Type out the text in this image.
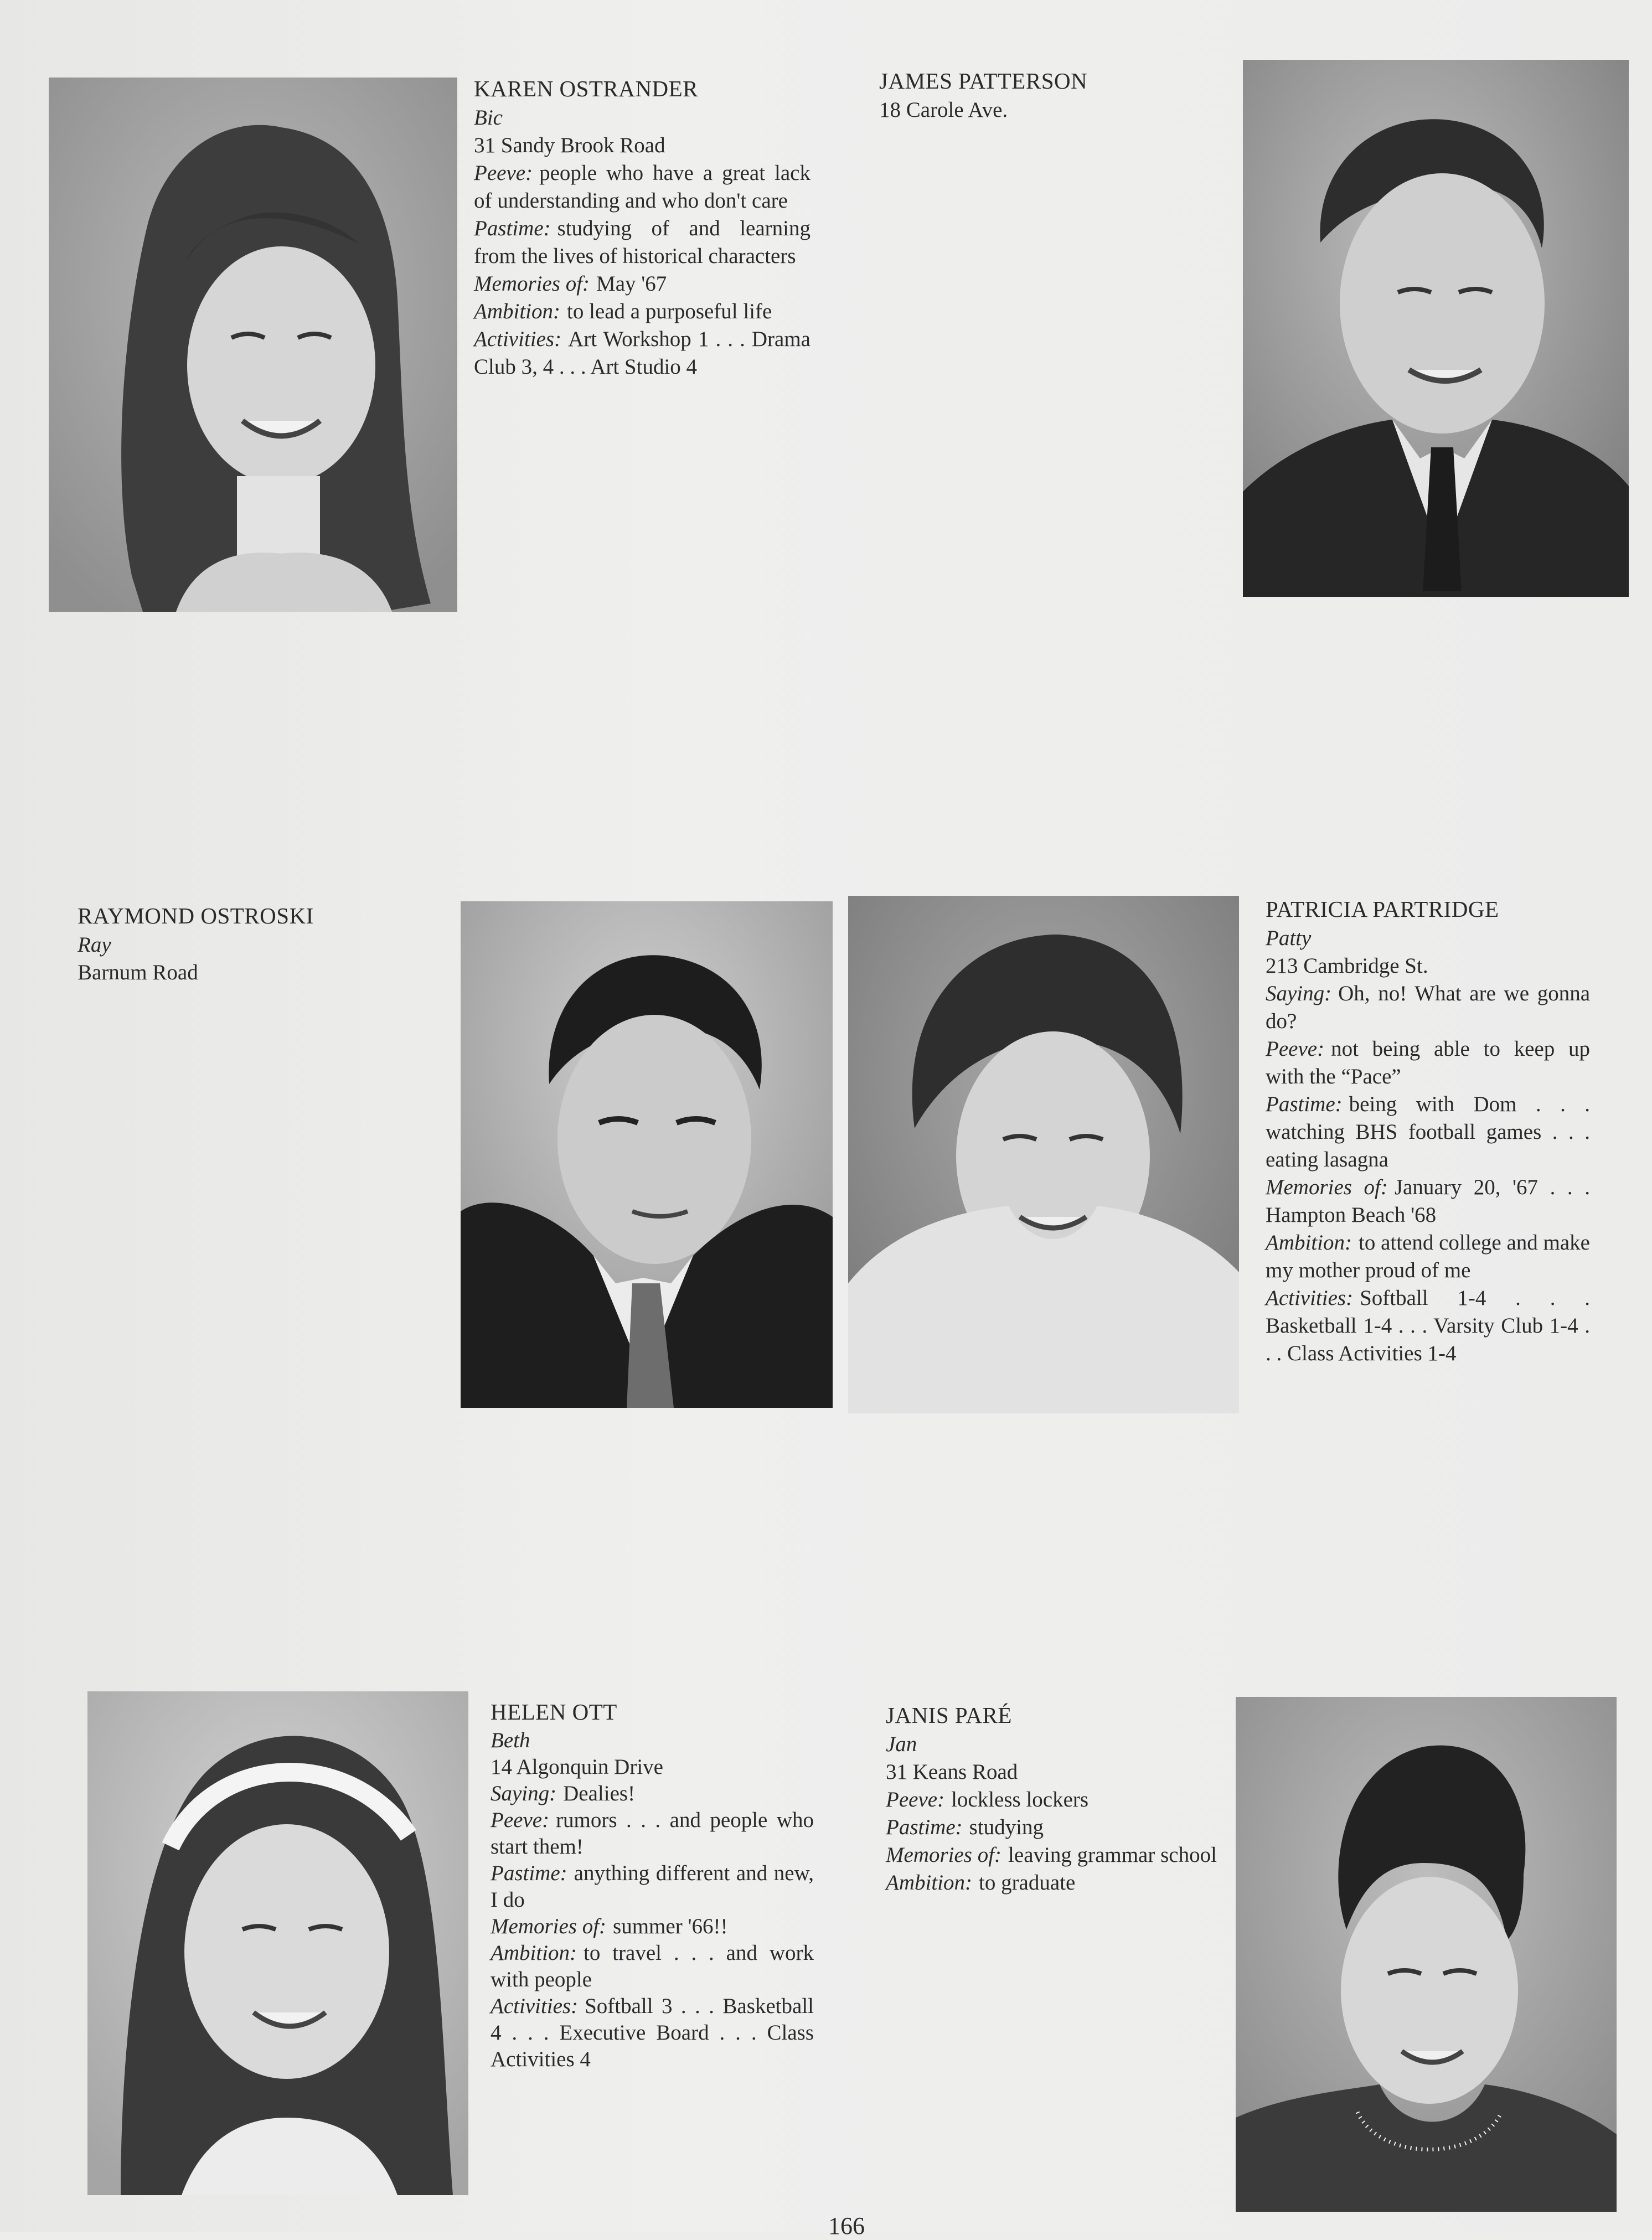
KAREN OSTRANDER
Bic
31 Sandy Brook Road
Peeve: people who have a great lack of understanding and who don't care
Pastime: studying of and learning from the lives of historical characters
Memories of: May '67
Ambition: to lead a purposeful life
Activities: Art Workshop 1 . . . Drama Club 3, 4 . . . Art Studio 4
JAMES PATTERSON
18 Carole Ave.
RAYMOND OSTROSKI
Ray
Barnum Road
PATRICIA PARTRIDGE
Patty
213 Cambridge St.
Saying: Oh, no! What are we gonna do?
Peeve: not being able to keep up with the “Pace”
Pastime: being with Dom . . . watching BHS football games . . . eating lasagna
Memories of: January 20, '67 . . . Hampton Beach '68
Ambition: to attend college and make my mother proud of me
Activities: Softball 1-4 . . . Basketball 1-4 . . . Varsity Club 1-4 . . . Class Activities 1-4
HELEN OTT
Beth
14 Algonquin Drive
Saying: Dealies!
Peeve: rumors . . . and people who start them!
Pastime: anything different and new, I do
Memories of: summer '66!!
Ambition: to travel . . . and work with people
Activities: Softball 3 . . . Basketball 4 . . . Executive Board . . . Class Activities 4
JANIS PARÉ
Jan
31 Keans Road
Peeve: lockless lockers
Pastime: studying
Memories of: leaving grammar school
Ambition: to graduate
166
